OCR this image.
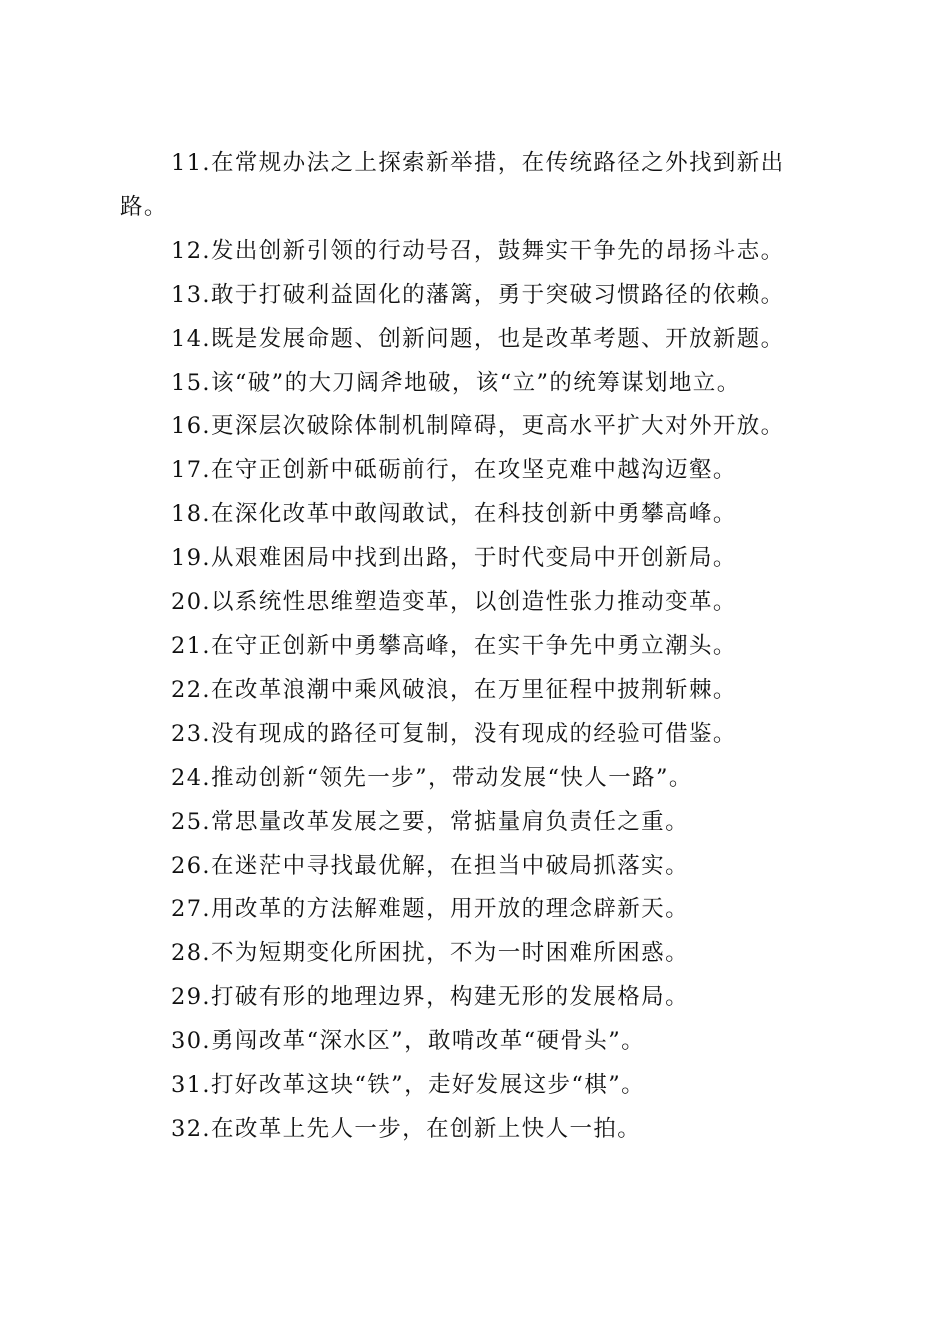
11.在常规办法之上探索新举措，在传统路径之外找到新出路。

12.发出创新引领的行动号召，鼓舞实干争先的昂扬斗志。

13.敢于打破利益固化的藩篱，勇于突破习惯路径的依赖。

14.既是发展命题、创新问题，也是改革考题、开放新题。

15.该“破”的大刀阔斧地破，该“立”的统筹谋划地立。

16.更深层次破除体制机制障碍，更高水平扩大对外开放。

17.在守正创新中砥砺前行，在攻坚克难中越沟迈壑。

18.在深化改革中敢闯敢试，在科技创新中勇攀高峰。

19.从艰难困局中找到出路，于时代变局中开创新局。

20.以系统性思维塑造变革，以创造性张力推动变革。

21.在守正创新中勇攀高峰，在实干争先中勇立潮头。

22.在改革浪潮中乘风破浪，在万里征程中披荆斩棘。

23.没有现成的路径可复制，没有现成的经验可借鉴。

24.推动创新“领先一步”，带动发展“快人一路”。

25.常思量改革发展之要，常掂量肩负责任之重。

26.在迷茫中寻找最优解，在担当中破局抓落实。

27.用改革的方法解难题，用开放的理念辟新天。

28.不为短期变化所困扰，不为一时困难所困惑。

29.打破有形的地理边界，构建无形的发展格局。

30.勇闯改革“深水区”，敢啃改革“硬骨头”。

31.打好改革这块“铁”，走好发展这步“棋”。

32.在改革上先人一步，在创新上快人一拍。
